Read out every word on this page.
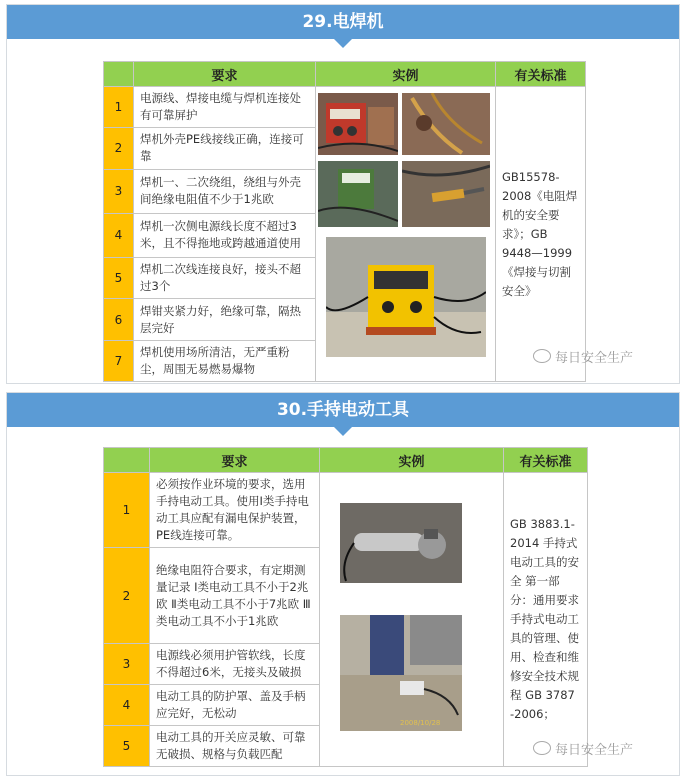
29.电焊机
	要求	实例	有关标准
1	电源线、焊接电缆与焊机连接处有可靠屏护		GB15578-2008《电阻焊机的安全要求》；GB 9448—1999《焊接与切割安全》
2	焊机外壳PE线接线正确，连接可靠		
3	焊机一、二次绕组，绕组与外壳间绝缘电阻值不少于1兆欧		
4	焊机一次侧电源线长度不超过3米，且不得拖地或跨越通道使用		
5	焊机二次线连接良好，接头不超过3个		
6	焊钳夹紧力好，绝缘可靠，隔热层完好		
7	焊机使用场所清洁，无严重粉尘，周围无易燃易爆物		
每日安全生产
30.手持电动工具
	要求	实例	有关标准
1	必须按作业环境的要求，选用手持电动工具。使用Ⅰ类手持电动工具应配有漏电保护装置，PE线连接可靠。	2008/10/28	GB 3883.1-2014 手持式电动工具的安全 第一部分：通用要求 手持式电动工具的管理、使用、检查和维修安全技术规程 GB 3787 -2006；
2	绝缘电阻符合要求，有定期测量记录 Ⅰ类电动工具不小于2兆欧 Ⅱ类电动工具不小于7兆欧 Ⅲ类电动工具不小于1兆欧		
3	电源线必须用护管软线，长度不得超过6米，无接头及破损		
4	电动工具的防护罩、盖及手柄应完好，无松动		
5	电动工具的开关应灵敏、可靠无破损、规格与负载匹配			每日安全生产
